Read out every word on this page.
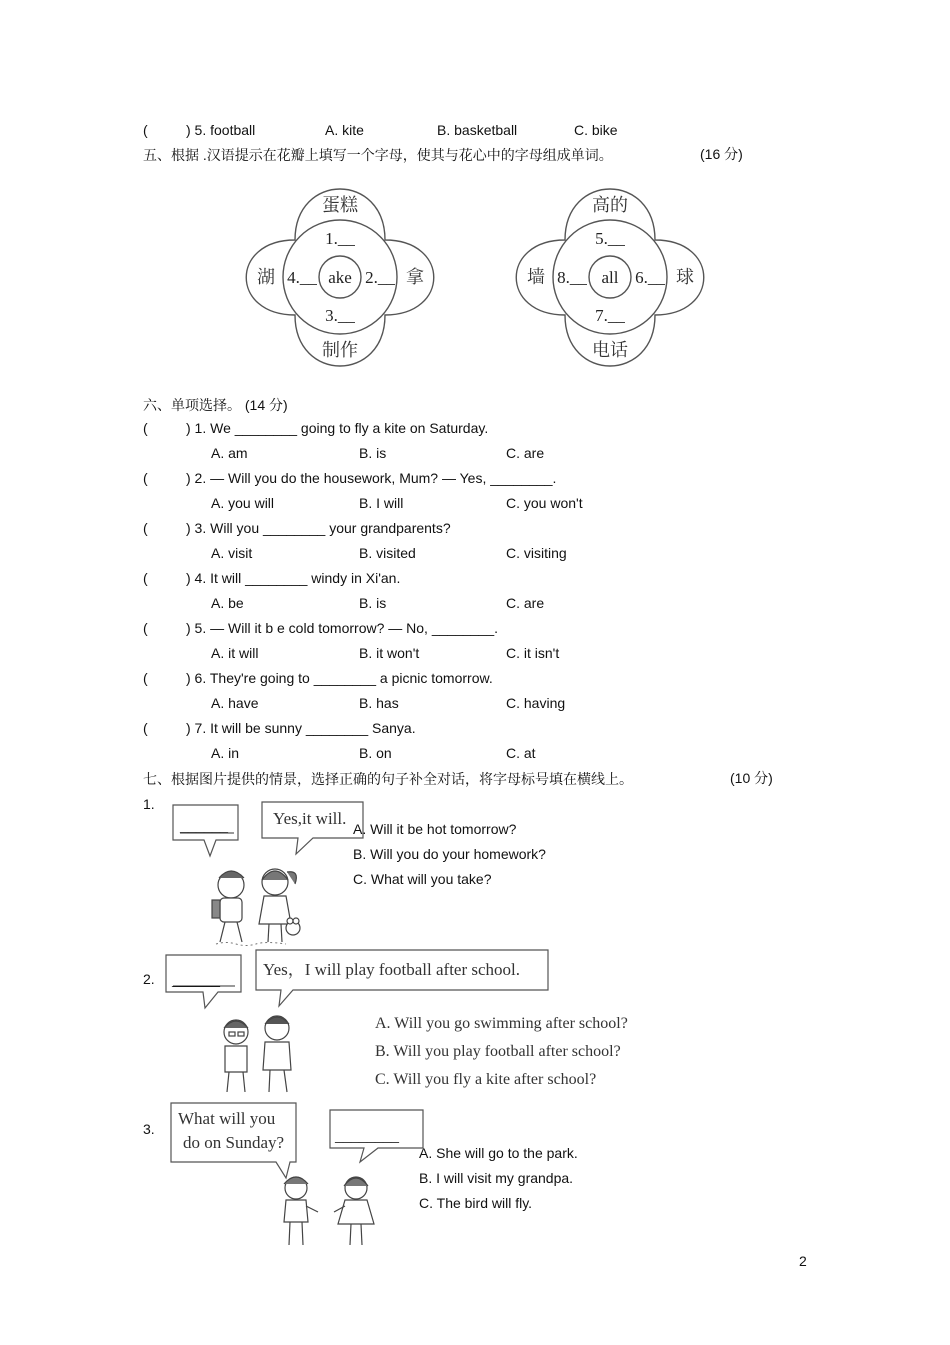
(	) 5. football	A. kite	B. basketball	C. bike
五、根据 .汉语提示在花瓣上填写一个字母，使其与花心中的字母组成单词。	(16 分)
蛋糕
拿
制作
湖	ake
1.__
2.__
3.__
4.__
高的
球
电话
墙	all
5.__
6.__
7.__
8.__
六、单项选择。 (14 分)
(	) 1. We ________ going to fly a kite on Saturday.
A. am	B. is	C. are
(	) 2. — Will you do the housework, Mum? — Yes, ________.
A. you will	B. I will	C. you won't
(	) 3. Will you ________ your grandparents?
A. visit	B. visited	C. visiting
(	) 4. It will ________ windy in Xi'an.
A. be	B. is	C. are
(	) 5. — Will it b e cold tomorrow? — No, ________.
A. it will	B. it won't	C. it isn't
(	) 6. They're going to ________ a picnic tomorrow.
A. have	B. has	C. having
(	) 7. It will be sunny ________ Sanya.
A. in	B. on	C. at
七、根据图片提供的情景，选择正确的句子补全对话，将字母标号填在横线上。	(10 分)
1.
______	Yes,it will.
A. Will it be hot tomorrow?
B. Will you do your homework?
C. What will you take?
2. ______
Yes，I will play football after school.
A. Will you go swimming after school?
B. Will you play football after school?
C. Will you fly a kite after school?
3.
What will you
do on Sunday?	________
A. She will go to the park.
B. I will visit my grandpa.
C. The bird will fly.
2
